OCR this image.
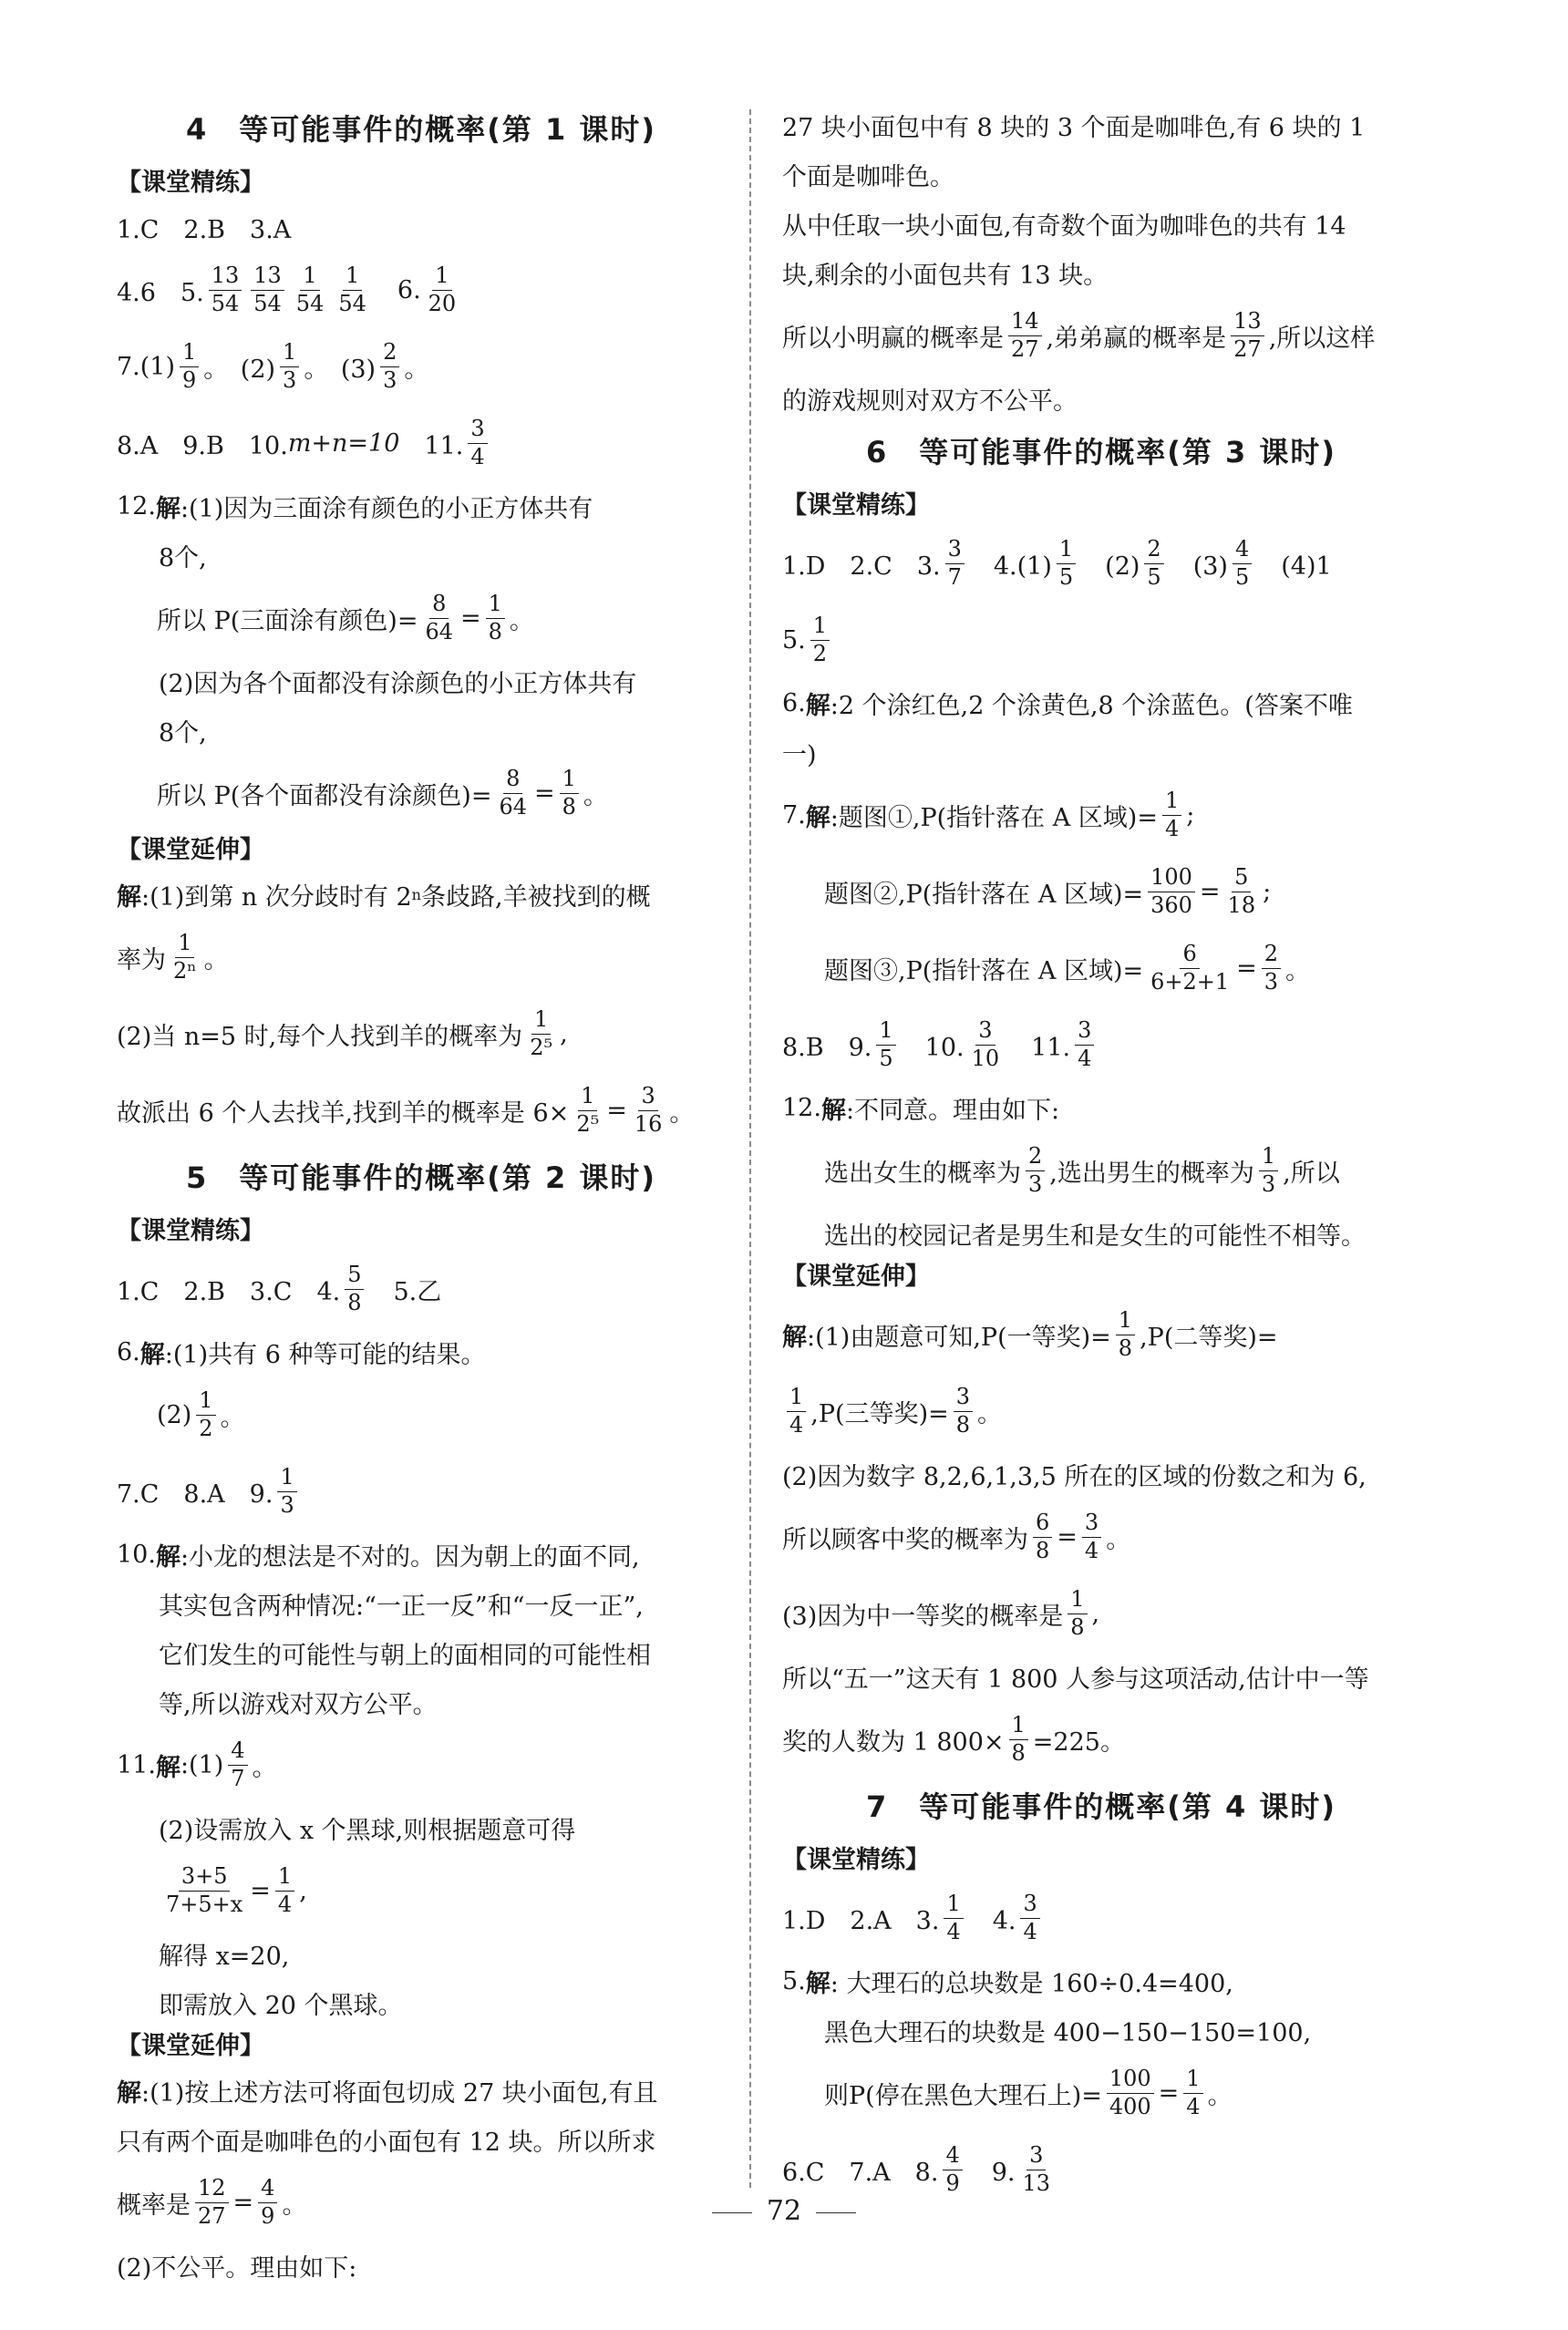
4　等可能事件的概率(第 1 课时)
【课堂精练】
1.C　2.B　3.A
4.6　5.
13
54
13
54
1
54
1
54 6.
1
20
7.(1)
1
9 。　(2)
1
3 。　(3)
2
3 。
8.A　9.B　10. m+n=10 　11.
3
4
12. 解 :(1)因为三面涂有颜色的小正方体共有
8个,
所以 P(三面涂有颜色)= $\frac{8}{64}$ =
1
8 。
(2)因为各个面都没有涂颜色的小正方体共有
8个,
所以 P(各个面都没有涂颜色)= $\frac{8}{64}$ =
1
8 。
【课堂延伸】
解 :(1)到第 n 次分歧时有 2 n 条歧路,羊被找到的概
率为
1
2ⁿ 。
(2)当 n=5 时,每个人找到羊的概率为
1
2⁵ ,
故派出 6 个人去找羊,找到羊的概率是 $6\times \frac{1}{\text{2⁵}}$ =
3
16 。
5　等可能事件的概率(第 2 课时)
【课堂精练】
1.C　2.B　3.C　4.
5
8 　5.乙
6. 解 :(1)共有 6 种等可能的结果。
(2)
1
2 。
7.C　8.A　9.
1
3
10. 解 :小龙的想法是不对的。因为朝上的面不同,
其实包含两种情况:“一正一反”和“一反一正”,
它们发生的可能性与朝上的面相同的可能性相
等,所以游戏对双方公平。
11. 解 :(1)
4
7 。
(2)设需放入 x 个黑球,则根据题意可得
3+5
7+5+x =
1
4 ,
解得 x=20,
即需放入 20 个黑球。
【课堂延伸】
解 :(1)按上述方法可将面包切成 27 块小面包,有且
只有两个面是咖啡色的小面包有 12 块。所以所求
概率是
12
27 =
4
9 。
(2)不公平。理由如下:
27 块小面包中有 8 块的 3 个面是咖啡色,有 6 块的 1
个面是咖啡色。
从中任取一块小面包,有奇数个面为咖啡色的共有 14
块,剩余的小面包共有 13 块。
所以小明赢的概率是
14
27 ,弟弟赢的概率是
13
27 ,所以这样
的游戏规则对双方不公平。
6　等可能事件的概率(第 3 课时)
【课堂精练】
1.D　2.C　3.
3
7 　4.(1)
1
5 　(2)
2
5 　(3)
4
5 　(4)1
5.
1
2
6. 解 :2 个涂红色,2 个涂黄色,8 个涂蓝色。(答案不唯
一)
7. 解 :题图①,P(指针落在 A 区域)= $\frac{1}{4}$ ;
题图②,P(指针落在 A 区域)= $\frac{100}{360}$ =
5
18 ;
题图③,P(指针落在 A 区域)= $\frac{6}{6+2+1}$ =
2
3 。
8.B　9.
1
5 　10.
3
10 　11.
3
4
12. 解 :不同意。理由如下:
选出女生的概率为
2
3 ,选出男生的概率为
1
3 ,所以
选出的校园记者是男生和是女生的可能性不相等。
【课堂延伸】
解 :(1)由题意可知,P(一等奖)= $\frac{1}{8} ,P$(二等奖)=
1
4 ,P(三等奖)= $\frac{3}{8}$ 。
(2)因为数字 8,2,6,1,3,5 所在的区域的份数之和为 6,
所以顾客中奖的概率为
6
8 =
3
4 。
(3)因为中一等奖的概率是
1
8 ,
所以“五一”这天有 1 800 人参与这项活动,估计中一等
奖的人数为 1 $800\times \frac{1}{8} =225$。
7　等可能事件的概率(第 4 课时)
【课堂精练】
1.D　2.A　3.
1
4 　4.
3
4
5. 解 : 大理石的总块数是 160÷0.4=400,
黑色大理石的块数是 400−150−150=100,
则P(停在黑色大理石上)= $\frac{100}{400}$ =
1
4 。
6.C　7.A　8.
4
9 　9.
3
13
72
